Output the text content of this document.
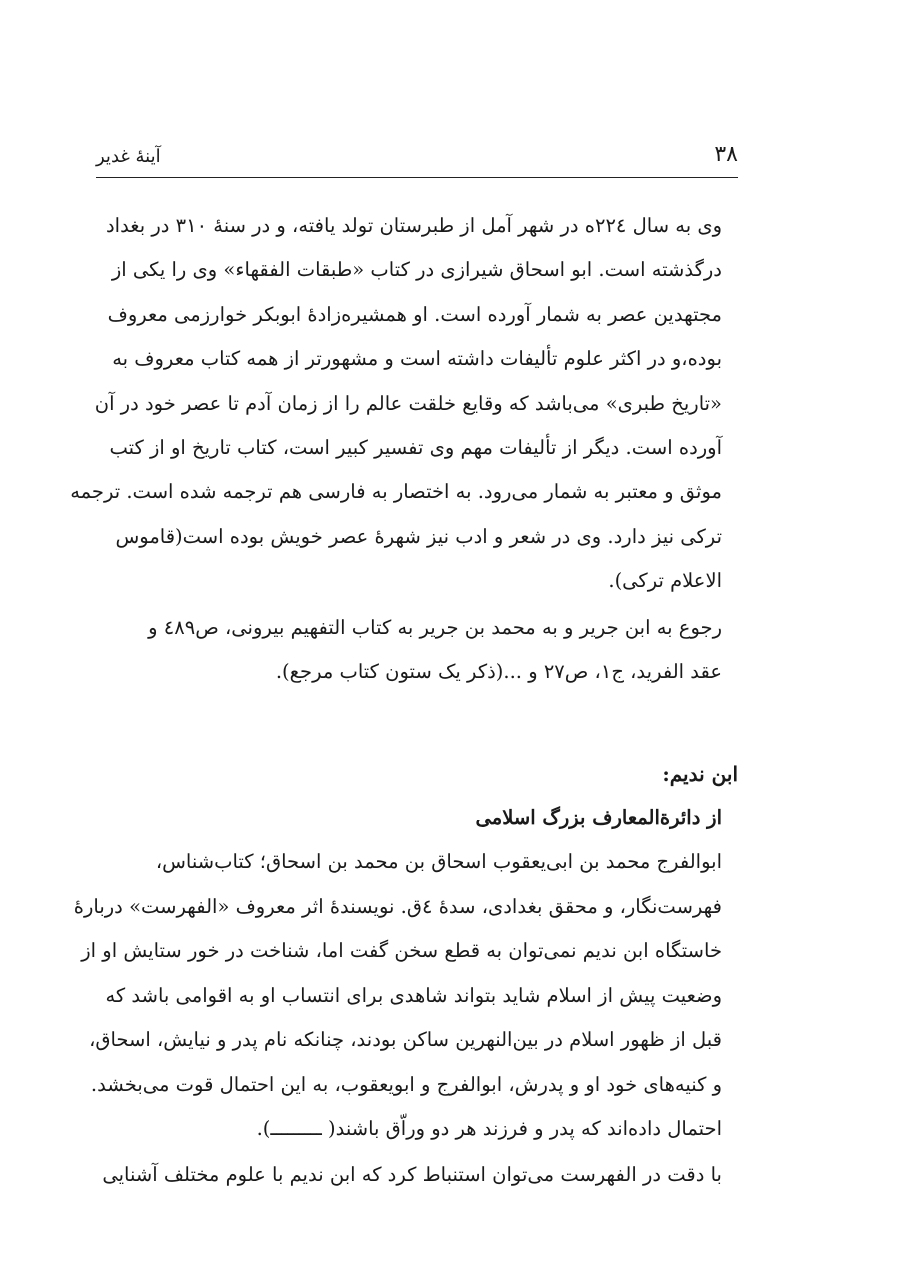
۳۸
آینهٔ غدیر

وی به سال ٢٢٤ه در شهر آمل از طبرستان تولد یافته، و در سنهٔ ٣١٠ در بغداد
درگذشته است. ابو اسحاق شیرازی در کتاب «طبقات الفقهاء» وی را یکی از
مجتهدین عصر به شمار آورده است. او همشیره‌زادهٔ ابوبکر خوارزمی معروف
بوده،و در اکثر علوم تألیفات داشته است و مشهورتر از همه کتاب معروف به
«تاریخ طبری» می‌باشد که وقایع خلقت عالم را از زمان آدم تا عصر خود در آن
آورده است. دیگر از تألیفات مهم وی تفسیر کبیر است، کتاب تاریخ او از کتب
موثق و معتبر به شمار می‌رود. به اختصار به فارسی هم ترجمه شده است. ترجمه
ترکی نیز دارد. وی در شعر و ادب نیز شهرهٔ عصر خویش بوده است(قاموس
الاعلام ترکی).

رجوع به ابن جریر و به محمد بن جریر به کتاب التفهیم بیرونی، ص٤٨٩ و
عقد الفرید، ج۱، ص۲۷ و ...(ذکر یک ستون کتاب مرجع).

ابن ندیم:

از دائرةالمعارف بزرگ اسلامی

ابوالفرج محمد بن ابی‌یعقوب اسحاق بن محمد بن اسحاق؛ کتاب‌شناس،
فهرست‌نگار، و محقق بغدادی، سدهٔ ٤ق. نویسندهٔ اثر معروف «الفهرست» دربارهٔ
خاستگاه ابن ندیم نمی‌توان به قطع سخن گفت اما، شناخت در خور ستایش او از
وضعیت پیش از اسلام شاید بتواند شاهدی برای انتساب او به اقوامی باشد که
قبل از ظهور اسلام در بین‌النهرین ساکن بودند، چنانکه نام پدر و نیایش، اسحاق،
و کنیه‌های خود او و پدرش، ابوالفرج و ابویعقوب، به این احتمال قوت می‌بخشد.
احتمال داده‌اند که پدر و فرزند هر دو وراّق باشند( ـــــــــ).

با دقت در الفهرست می‌توان استنباط کرد که ابن ندیم با علوم مختلف آشنایی
